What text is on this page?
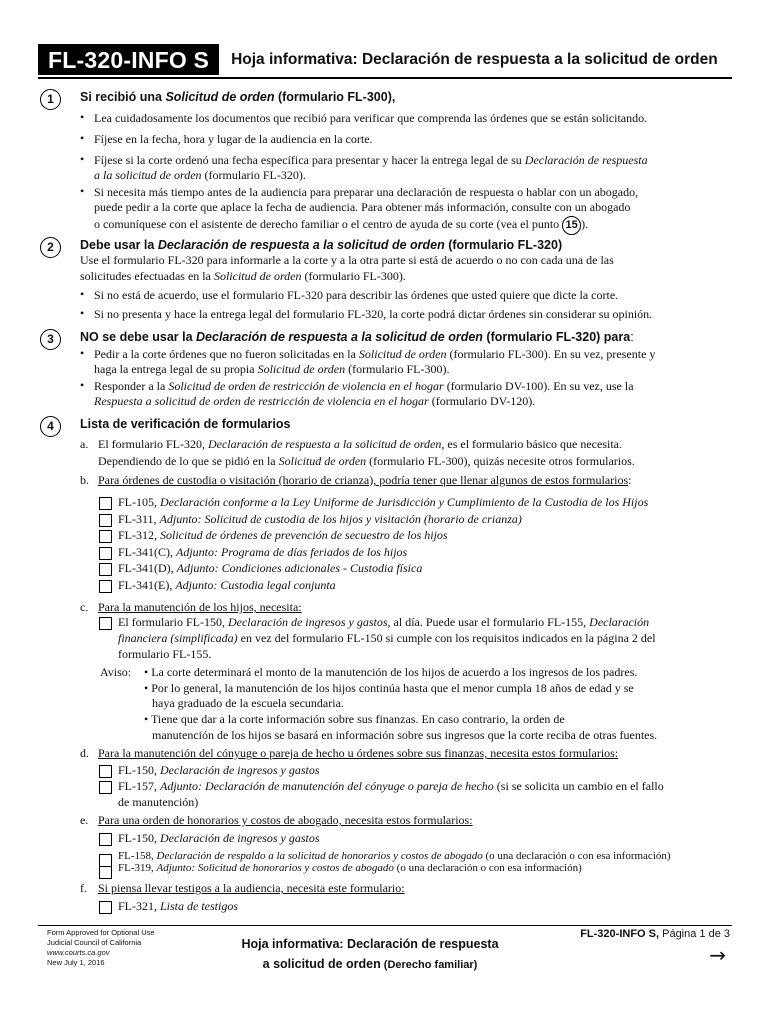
FL-320-INFO S	Hoja informativa: Declaración de respuesta a la solicitud de orden
1	Si recibió una Solicitud de orden (formulario FL-300),
• Lea cuidadosamente los documentos que recibió para verificar que comprenda las órdenes que se están solicitando.
• Fíjese en la fecha, hora y lugar de la audiencia en la corte.
• Fíjese si la corte ordenó una fecha específica para presentar y hacer la entrega legal de su Declaración de respuesta
a la solicitud de orden (formulario FL-320).
• Si necesita más tiempo antes de la audiencia para preparar una declaración de respuesta o hablar con un abogado,
puede pedir a la corte que aplace la fecha de audiencia. Para obtener más información, consulte con un abogado
o comuníquese con el asistente de derecho familiar o el centro de ayuda de su corte (vea el punto 15 ).
2	Debe usar la Declaración de respuesta a la solicitud de orden (formulario FL-320)
Use el formulario FL-320 para informarle a la corte y a la otra parte si está de acuerdo o no con cada una de las
solicitudes efectuadas en la Solicitud de orden (formulario FL-300).
• Si no está de acuerdo, use el formulario FL-320 para describir las órdenes que usted quiere que dicte la corte.
• Si no presenta y hace la entrega legal del formulario FL-320, la corte podrá dictar órdenes sin considerar su opinión.
3	NO se debe usar la Declaración de respuesta a la solicitud de orden (formulario FL-320) para:
• Pedir a la corte órdenes que no fueron solicitadas en la Solicitud de orden (formulario FL-300). En su vez, presente y
haga la entrega legal de su propia Solicitud de orden (formulario FL-300).
• Responder a la Solicitud de orden de restricción de violencia en el hogar (formulario DV-100). En su vez, use la
Respuesta a solicitud de orden de restricción de violencia en el hogar (formulario DV-120).
4	Lista de verificación de formularios
a. El formulario FL-320, Declaración de respuesta a la solicitud de orden, es el formulario básico que necesita.
Dependiendo de lo que se pidió en la Solicitud de orden (formulario FL-300), quizás necesite otros formularios.
b. Para órdenes de custodia o visitación (horario de crianza), podría tener que llenar algunos de estos formularios:
FL-105, Declaración conforme a la Ley Uniforme de Jurisdicción y Cumplimiento de la Custodia de los Hijos
FL-311, Adjunto: Solicitud de custodia de los hijos y visitación (horario de crianza)
FL-312, Solicitud de órdenes de prevención de secuestro de los hijos
FL-341(C), Adjunto: Programa de días feriados de los hijos
FL-341(D), Adjunto: Condiciones adicionales - Custodia física
FL-341(E), Adjunto: Custodia legal conjunta
c. Para la manutención de los hijos, necesita:
El formulario FL-150, Declaración de ingresos y gastos, al día. Puede usar el formulario FL-155, Declaración
financiera (simplificada) en vez del formulario FL-150 si cumple con los requisitos indicados en la página 2 del
formulario FL-155.
Aviso: • La corte determinará el monto de la manutención de los hijos de acuerdo a los ingresos de los padres.
• Por lo general, la manutención de los hijos continúa hasta que el menor cumpla 18 años de edad y se
haya graduado de la escuela secundaria.
• Tiene que dar a la corte información sobre sus finanzas. En caso contrario, la orden de
manutención de los hijos se basará en información sobre sus ingresos que la corte reciba de otras fuentes.
d. Para la manutención del cónyuge o pareja de hecho u órdenes sobre sus finanzas, necesita estos formularios:
FL-150, Declaración de ingresos y gastos
FL-157, Adjunto: Declaración de manutención del cónyuge o pareja de hecho (si se solicita un cambio en el fallo
de manutención)
e. Para una orden de honorarios y costos de abogado, necesita estos formularios:
FL-150, Declaración de ingresos y gastos
FL-158, Declaración de respaldo a la solicitud de honorarios y costos de abogado (o una declaración o con esa información)
FL-319, Adjunto: Solicitud de honorarios y costos de abogado (o una declaración o con esa información)
f. Si piensa llevar testigos a la audiencia, necesita este formulario:
FL-321, Lista de testigos
Form Approved for Optional Use
Judicial Council of California
www.courts.ca.gov
New July 1, 2016
Hoja informativa: Declaración de respuesta
a solicitud de orden (Derecho familiar)
FL-320-INFO S, Página 1 de 3
→
